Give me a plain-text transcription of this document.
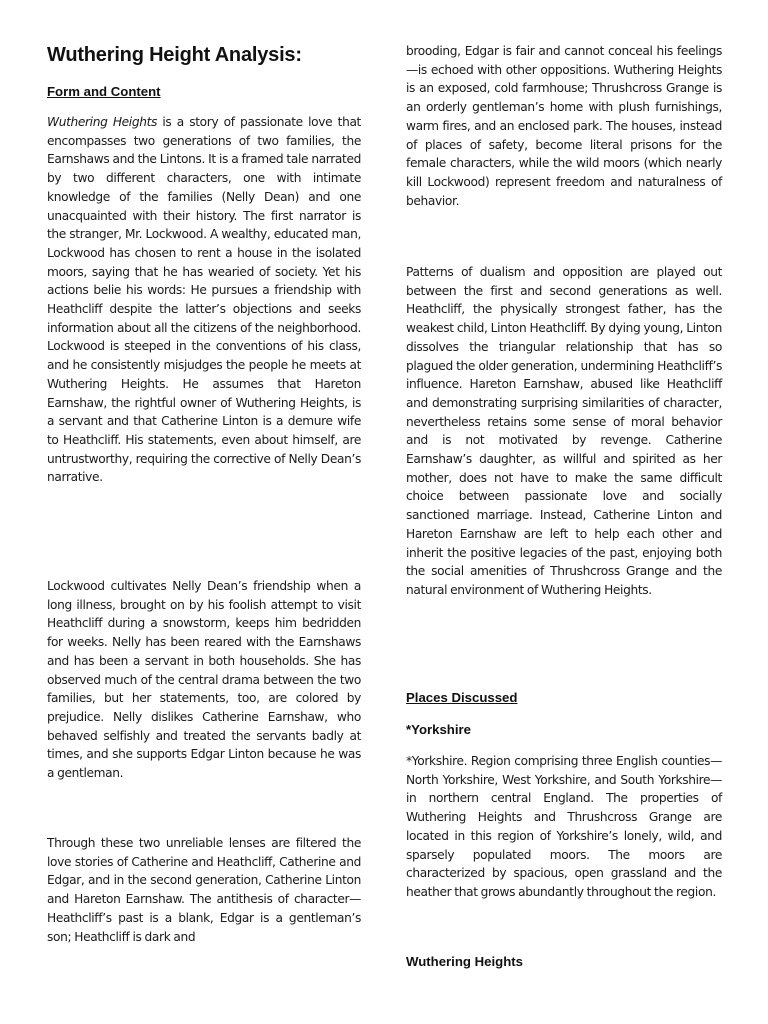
Wuthering Height Analysis:
Form and Content

Wuthering Heights is a story of passionate love that encompasses two generations of two families, the Earnshaws and the Lintons. It is a framed tale narrated by two different characters, one with intimate knowledge of the families (Nelly Dean) and one unacquainted with their history. The first narrator is the stranger, Mr. Lockwood. A wealthy, educated man, Lockwood has chosen to rent a house in the isolated moors, saying that he has wearied of society. Yet his actions belie his words: He pursues a friendship with Heathcliff despite the latter’s objections and seeks information about all the citizens of the neighborhood. Lockwood is steeped in the conventions of his class, and he consistently misjudges the people he meets at Wuthering Heights. He assumes that Hareton Earnshaw, the rightful owner of Wuthering Heights, is a servant and that Catherine Linton is a demure wife to Heathcliff. His statements, even about himself, are untrustworthy, requiring the corrective of Nelly Dean’s narrative.

Lockwood cultivates Nelly Dean’s friendship when a long illness, brought on by his foolish attempt to visit Heathcliff during a snowstorm, keeps him bedridden for weeks. Nelly has been reared with the Earnshaws and has been a servant in both households. She has observed much of the central drama between the two families, but her statements, too, are colored by prejudice. Nelly dislikes Catherine Earnshaw, who behaved selfishly and treated the servants badly at times, and she supports Edgar Linton because he was a gentleman.

Through these two unreliable lenses are filtered the love stories of Catherine and Heathcliff, Catherine and Edgar, and in the second generation, Catherine Linton and Hareton Earnshaw. The antithesis of character—Heathcliff’s past is a blank, Edgar is a gentleman’s son; Heathcliff is dark and

brooding, Edgar is fair and cannot conceal his feelings—is echoed with other oppositions. Wuthering Heights is an exposed, cold farmhouse; Thrushcross Grange is an orderly gentleman’s home with plush furnishings, warm fires, and an enclosed park. The houses, instead of places of safety, become literal prisons for the female characters, while the wild moors (which nearly kill Lockwood) represent freedom and naturalness of behavior.

Patterns of dualism and opposition are played out between the first and second generations as well. Heathcliff, the physically strongest father, has the weakest child, Linton Heathcliff. By dying young, Linton dissolves the triangular relationship that has so plagued the older generation, undermining Heathcliff’s influence. Hareton Earnshaw, abused like Heathcliff and demonstrating surprising similarities of character, nevertheless retains some sense of moral behavior and is not motivated by revenge. Catherine Earnshaw’s daughter, as willful and spirited as her mother, does not have to make the same difficult choice between passionate love and socially sanctioned marriage. Instead, Catherine Linton and Hareton Earnshaw are left to help each other and inherit the positive legacies of the past, enjoying both the social amenities of Thrushcross Grange and the natural environment of Wuthering Heights.

Places Discussed
*Yorkshire

*Yorkshire. Region comprising three English counties—North Yorkshire, West Yorkshire, and South Yorkshire—in northern central England. The properties of Wuthering Heights and Thrushcross Grange are located in this region of Yorkshire’s lonely, wild, and sparsely populated moors. The moors are characterized by spacious, open grassland and the heather that grows abundantly throughout the region.

Wuthering Heights
